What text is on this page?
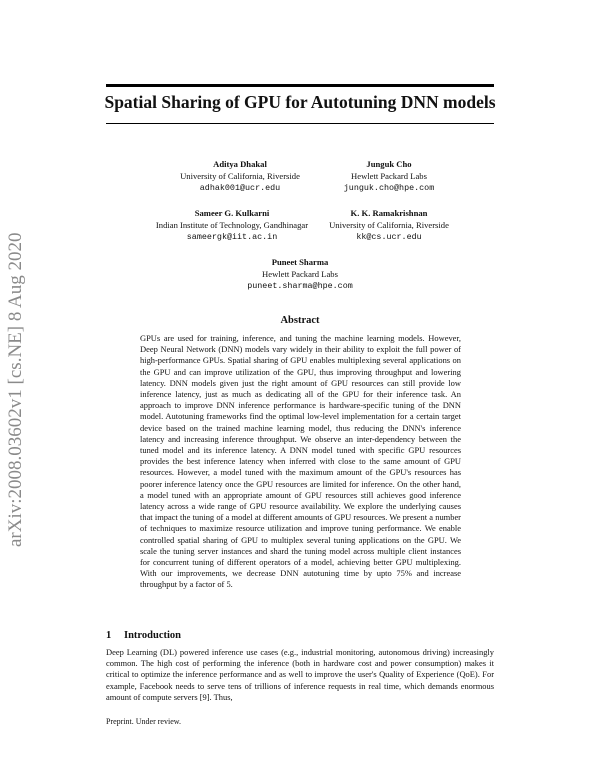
Spatial Sharing of GPU for Autotuning DNN models
arXiv:2008.03602v1 [cs.NE] 8 Aug 2020
Aditya Dhakal
University of California, Riverside
adhak001@ucr.edu
Junguk Cho
Hewlett Packard Labs
junguk.cho@hpe.com
Sameer G. Kulkarni
Indian Institute of Technology, Gandhinagar
sameergk@iit.ac.in
K. K. Ramakrishnan
University of California, Riverside
kk@cs.ucr.edu
Puneet Sharma
Hewlett Packard Labs
puneet.sharma@hpe.com
Abstract
GPUs are used for training, inference, and tuning the machine learning models. However, Deep Neural Network (DNN) models vary widely in their ability to exploit the full power of high-performance GPUs. Spatial sharing of GPU enables multiplexing several applications on the GPU and can improve utilization of the GPU, thus improving throughput and lowering latency. DNN models given just the right amount of GPU resources can still provide low inference latency, just as much as dedicating all of the GPU for their inference task. An approach to improve DNN inference performance is hardware-specific tuning of the DNN model. Autotuning frameworks find the optimal low-level implementation for a certain target device based on the trained machine learning model, thus reducing the DNN's inference latency and increasing inference throughput. We observe an inter-dependency between the tuned model and its inference latency. A DNN model tuned with specific GPU resources provides the best inference latency when inferred with close to the same amount of GPU resources. However, a model tuned with the maximum amount of the GPU's resources has poorer inference latency once the GPU resources are limited for inference. On the other hand, a model tuned with an appropriate amount of GPU resources still achieves good inference latency across a wide range of GPU resource availability. We explore the underlying causes that impact the tuning of a model at different amounts of GPU resources. We present a number of techniques to maximize resource utilization and improve tuning performance. We enable controlled spatial sharing of GPU to multiplex several tuning applications on the GPU. We scale the tuning server instances and shard the tuning model across multiple client instances for concurrent tuning of different operators of a model, achieving better GPU multiplexing. With our improvements, we decrease DNN autotuning time by upto 75% and increase throughput by a factor of 5.
1 Introduction
Deep Learning (DL) powered inference use cases (e.g., industrial monitoring, autonomous driving) increasingly common. The high cost of performing the inference (both in hardware cost and power consumption) makes it critical to optimize the inference performance and as well to improve the user's Quality of Experience (QoE). For example, Facebook needs to serve tens of trillions of inference requests in real time, which demands enormous amount of compute servers [9]. Thus,
Preprint. Under review.
